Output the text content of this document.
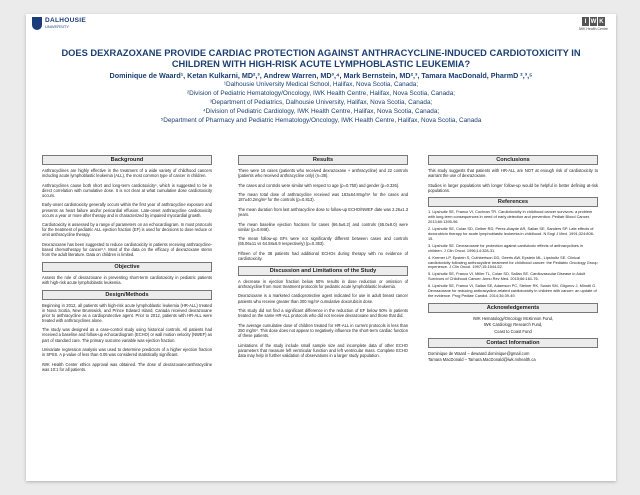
DALHOUSIE
UNIVERSITY
I W K
IWK Health Centre
DOES DEXRAZOXANE PROVIDE CARDIAC PROTECTION AGAINST ANTHRACYCLINE-INDUCED CARDIOTOXICITY IN CHILDREN WITH HIGH-RISK ACUTE LYMPHOBLASTIC LEUKEMIA?
Dominique de Waard¹, Ketan Kulkarni, MD²,³, Andrew Warren, MD³,⁴, Mark Bernstein, MD²,³, Tamara MacDonald, PharmD ²,³,⁵
¹Dalhousie University Medical School, Halifax, Nova Scotia, Canada;
²Division of Pediatric Hematology/Oncology, IWK Health Centre, Halifax, Nova Scotia, Canada;
³Department of Pediatrics, Dalhousie University, Halifax, Nova Scotia, Canada;
⁴Division of Pediatric Cardiology, IWK Health Centre, Halifax, Nova Scotia, Canada;
⁵Department of Pharmacy and Pediatric Hematology/Oncology, IWK Health Centre, Halifax, Nova Scotia, Canada
Background

Anthracyclines are highly effective in the treatment of a wide variety of childhood cancers including acute lymphoblastic leukemia (ALL), the most common type of cancer in children.

Anthracyclines cause both short and long-term cardiotoxicity¹, which is suggested to be in direct correlation with cumulative dose. It is not clear at what cumulative dose cardiotoxicity occurs.

Early-onset cardiotoxicity generally occurs within the first year of anthracycline exposure and presents as heart failure and/or pericardial effusion. Late-onset anthracycline cardiotoxicity occurs a year or more after therapy and is characterized by impaired myocardial growth.

Cardiotoxicity is assessed by a range of parameters on an echocardiogram. In most protocols for the treatment of pediatric ALL ejection fraction (EF) is used for decisions to dose reduce or omit anthracycline therapy.

Dexrazoxane has been suggested to reduce cardiotoxicity in patients receiving anthracycline-based chemotherapy for cancer²,³. Most of the data on the efficacy of dexrazoxane stems from the adult literature. Data on children is limited.

Objective

Assess the role of dexrazoxane in preventing short-term cardiotoxicity in pediatric patients with high-risk acute lymphoblastic leukemia.

Design/Methods

Beginning in 2012, all patients with high-risk acute lymphoblastic leukemia (HR-ALL) treated in Nova Scotia, New Brunswick, and Prince Edward Island, Canada received dexrazoxane prior to anthracycline as a cardioprotective agent. Prior to 2012, patients with HR-ALL were treated with anthracyclines alone.

The study was designed as a case-control study using historical controls. All patients had received a baseline and follow-up echocardiogram (ECHO) or wall motion velocity (NWEF) as part of standard care. The primary outcome variable was ejection fraction.

Univariate regression analysis was used to determine predictors of a higher ejection fraction in SPSS. A p-value of less than 0.05 was considered statistically significant.

IWK Health Center ethics approval was obtained. The dose of dexrazoxane:anthracycline was 10:1 for all patients.

Results

There were 16 cases (patients who received dexrazoxane + anthracycline) and 22 controls (patients who received anthracycline only) (n=38).

The cases and controls were similar with respect to age (p=0.750) and gender (p=0.326).

The mean total dose of anthracycline received was 183±64.8mg/m² for the cases and 187±40.2mg/m² for the controls (p=0.813).

The mean duration from last anthracycline dose to follow-up ECHO/NWEF date was 2.26±1.3 years.

The mean baseline ejection fractions for cases (66.5±6.2) and controls (65.0±8.0) were similar (p=0.848).

The mean follow-up EFs were not significantly different between cases and controls (65.06±11 vs 64.58±6.9 respectively) (p=0.353).

Fifteen of the 38 patients had additional ECHOs during therapy with no evidence of cardiotoxicity.

Discussion and Limitations of the Study

A decrease in ejection fraction below 50% results in dose reduction or omission of anthracycline from most treatment protocols for pediatric acute lymphoblastic leukemia.

Dexrazoxane is a marketed cardioprotective agent indicated for use in adult breast cancer patients who receive greater than 300 mg/m² cumulative doxorubicin dose.

This study did not find a significant difference in the reduction of EF below 50% in patients treated on the same HR-ALL protocols who did not receive dexrazoxane and those that did.

The average cumulative dose of children treated for HR-ALL in current protocols is less than 250 mg/m². This dose does not appear to negatively influence the short-term cardiac function of these patients.

Limitations of the study include small sample size and incomplete data of other ECHO parameters that measure left ventricular function and left ventricular mass. Complete ECHO data may help in further validation of observations in a larger study population.

Conclusions

This study suggests that patients with HR-ALL are NOT at enough risk of cardiotoxicity to warrant the use of dexrazoxane.

Studies in larger populations with longer follow-up would be helpful in better defining at-risk populations.

References

1. Lipshultz SE, Franco VI, Cochran TR. Cardiotoxicity in childhood cancer survivors: a problem with long-term consequences in need of early detection and prevention. Pediatr Blood Cancer. 2013;60:1395-96.

2. Lipshultz SE, Colan SD, Gelber RD, Perez-Atayde AR, Sallan SE, Sanders SP. Late effects of doxorubicin therapy for acute lymphoblastic leukemia in childhood. N Engl J Med. 1991;324:808-15.

3. Lipshultz SE. Dexrazoxane for protection against cardiotoxic effects of anthracyclines in children. J Clin Oncol. 1996;14:328-31.

4. Kremer LP, Epstein S, Cuthbertson DD, Geerts AW, Epstein ML, Lipshultz SE. Clinical cardiotoxicity following anthracycline treatment for childhood cancer: the Pediatric Oncology Group experience. J Clin Oncol. 1997;15:1544-52.

5. Lipshultz SE, Franco VI, Miller TL, Colan SD, Sallan SE. Cardiovascular Disease in Adult Survivors of Childhood Cancer. Annu Rev Med. 2015;66:161-76.

6. Lipshultz SE, Franco VI, Sallan SE, Adamson PC, Steiner RK, Swain SM, Gligorov J, Minotti G. Dexrazoxane for reducing anthracycline-related cardiotoxicity in children with cancer: an update of the evidence. Prog Pediatr Cardiol. 2014;36:39-49.

Acknowledgements
IWK Hematology/Oncology McKinnon Fund,
IWK Cardiology Research Fund,
Coast to Coast Fund
Contact Information
Dominique de Waard – dewaard.dominique@gmail.com
Tamara MacDonald – Tamara.MacDonald@iwk.nshealth.ca
